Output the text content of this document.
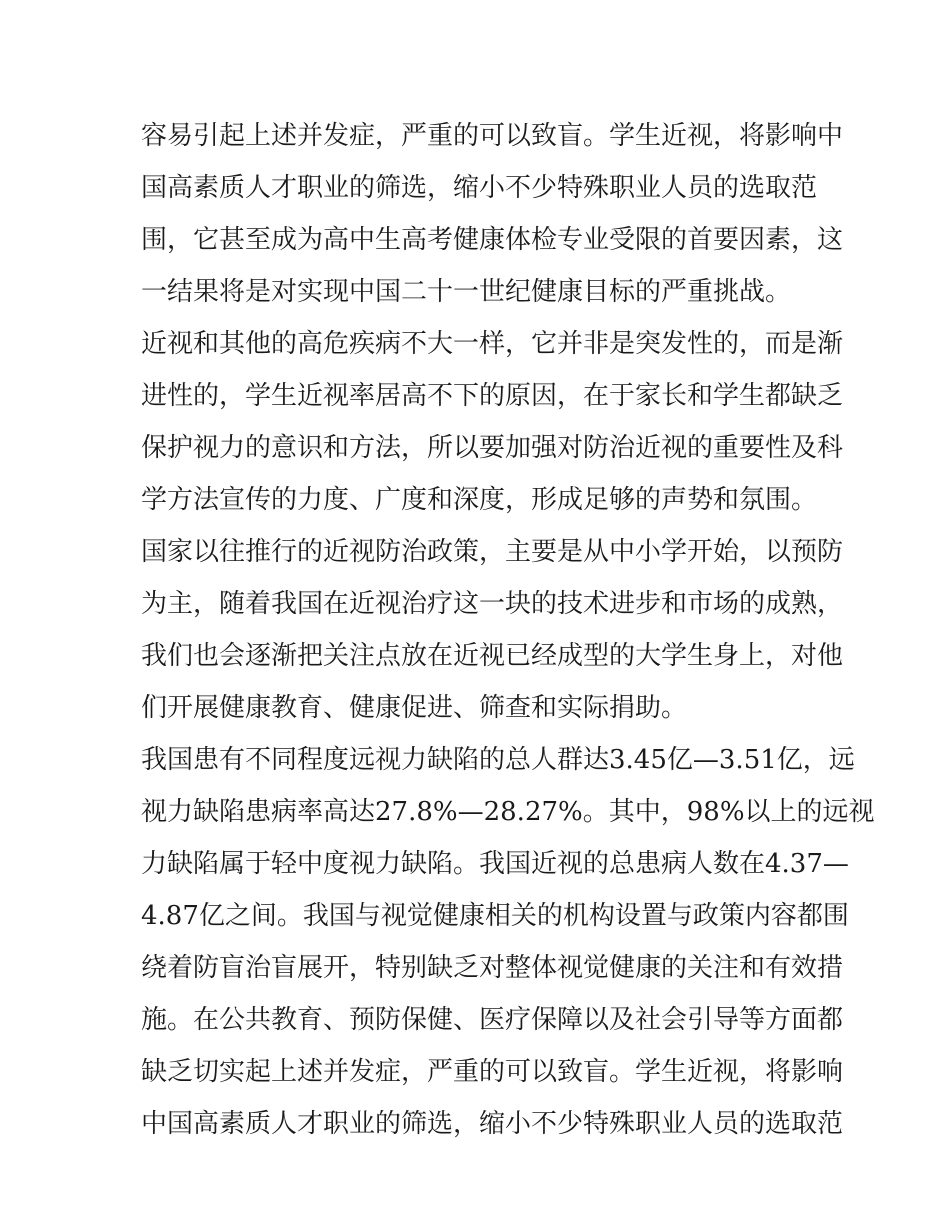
容易引起上述并发症，严重的可以致盲。学生近视，将影响中

国高素质人才职业的筛选，缩小不少特殊职业人员的选取范

围，它甚至成为高中生高考健康体检专业受限的首要因素，这

一结果将是对实现中国二十一世纪健康目标的严重挑战。

近视和其他的高危疾病不大一样，它并非是突发性的，而是渐

进性的，学生近视率居高不下的原因，在于家长和学生都缺乏

保护视力的意识和方法，所以要加强对防治近视的重要性及科

学方法宣传的力度、广度和深度，形成足够的声势和氛围。

国家以往推行的近视防治政策，主要是从中小学开始，以预防

为主，随着我国在近视治疗这一块的技术进步和市场的成熟，

我们也会逐渐把关注点放在近视已经成型的大学生身上，对他

们开展健康教育、健康促进、筛查和实际捐助。

我国患有不同程度远视力缺陷的总人群达3.45亿—3.51亿，远

视力缺陷患病率高达27.8%—28.27%。其中，98%以上的远视

力缺陷属于轻中度视力缺陷。我国近视的总患病人数在4.37—

4.87亿之间。我国与视觉健康相关的机构设置与政策内容都围

绕着防盲治盲展开，特别缺乏对整体视觉健康的关注和有效措

施。在公共教育、预防保健、医疗保障以及社会引导等方面都

缺乏切实起上述并发症，严重的可以致盲。学生近视，将影响

中国高素质人才职业的筛选，缩小不少特殊职业人员的选取范
